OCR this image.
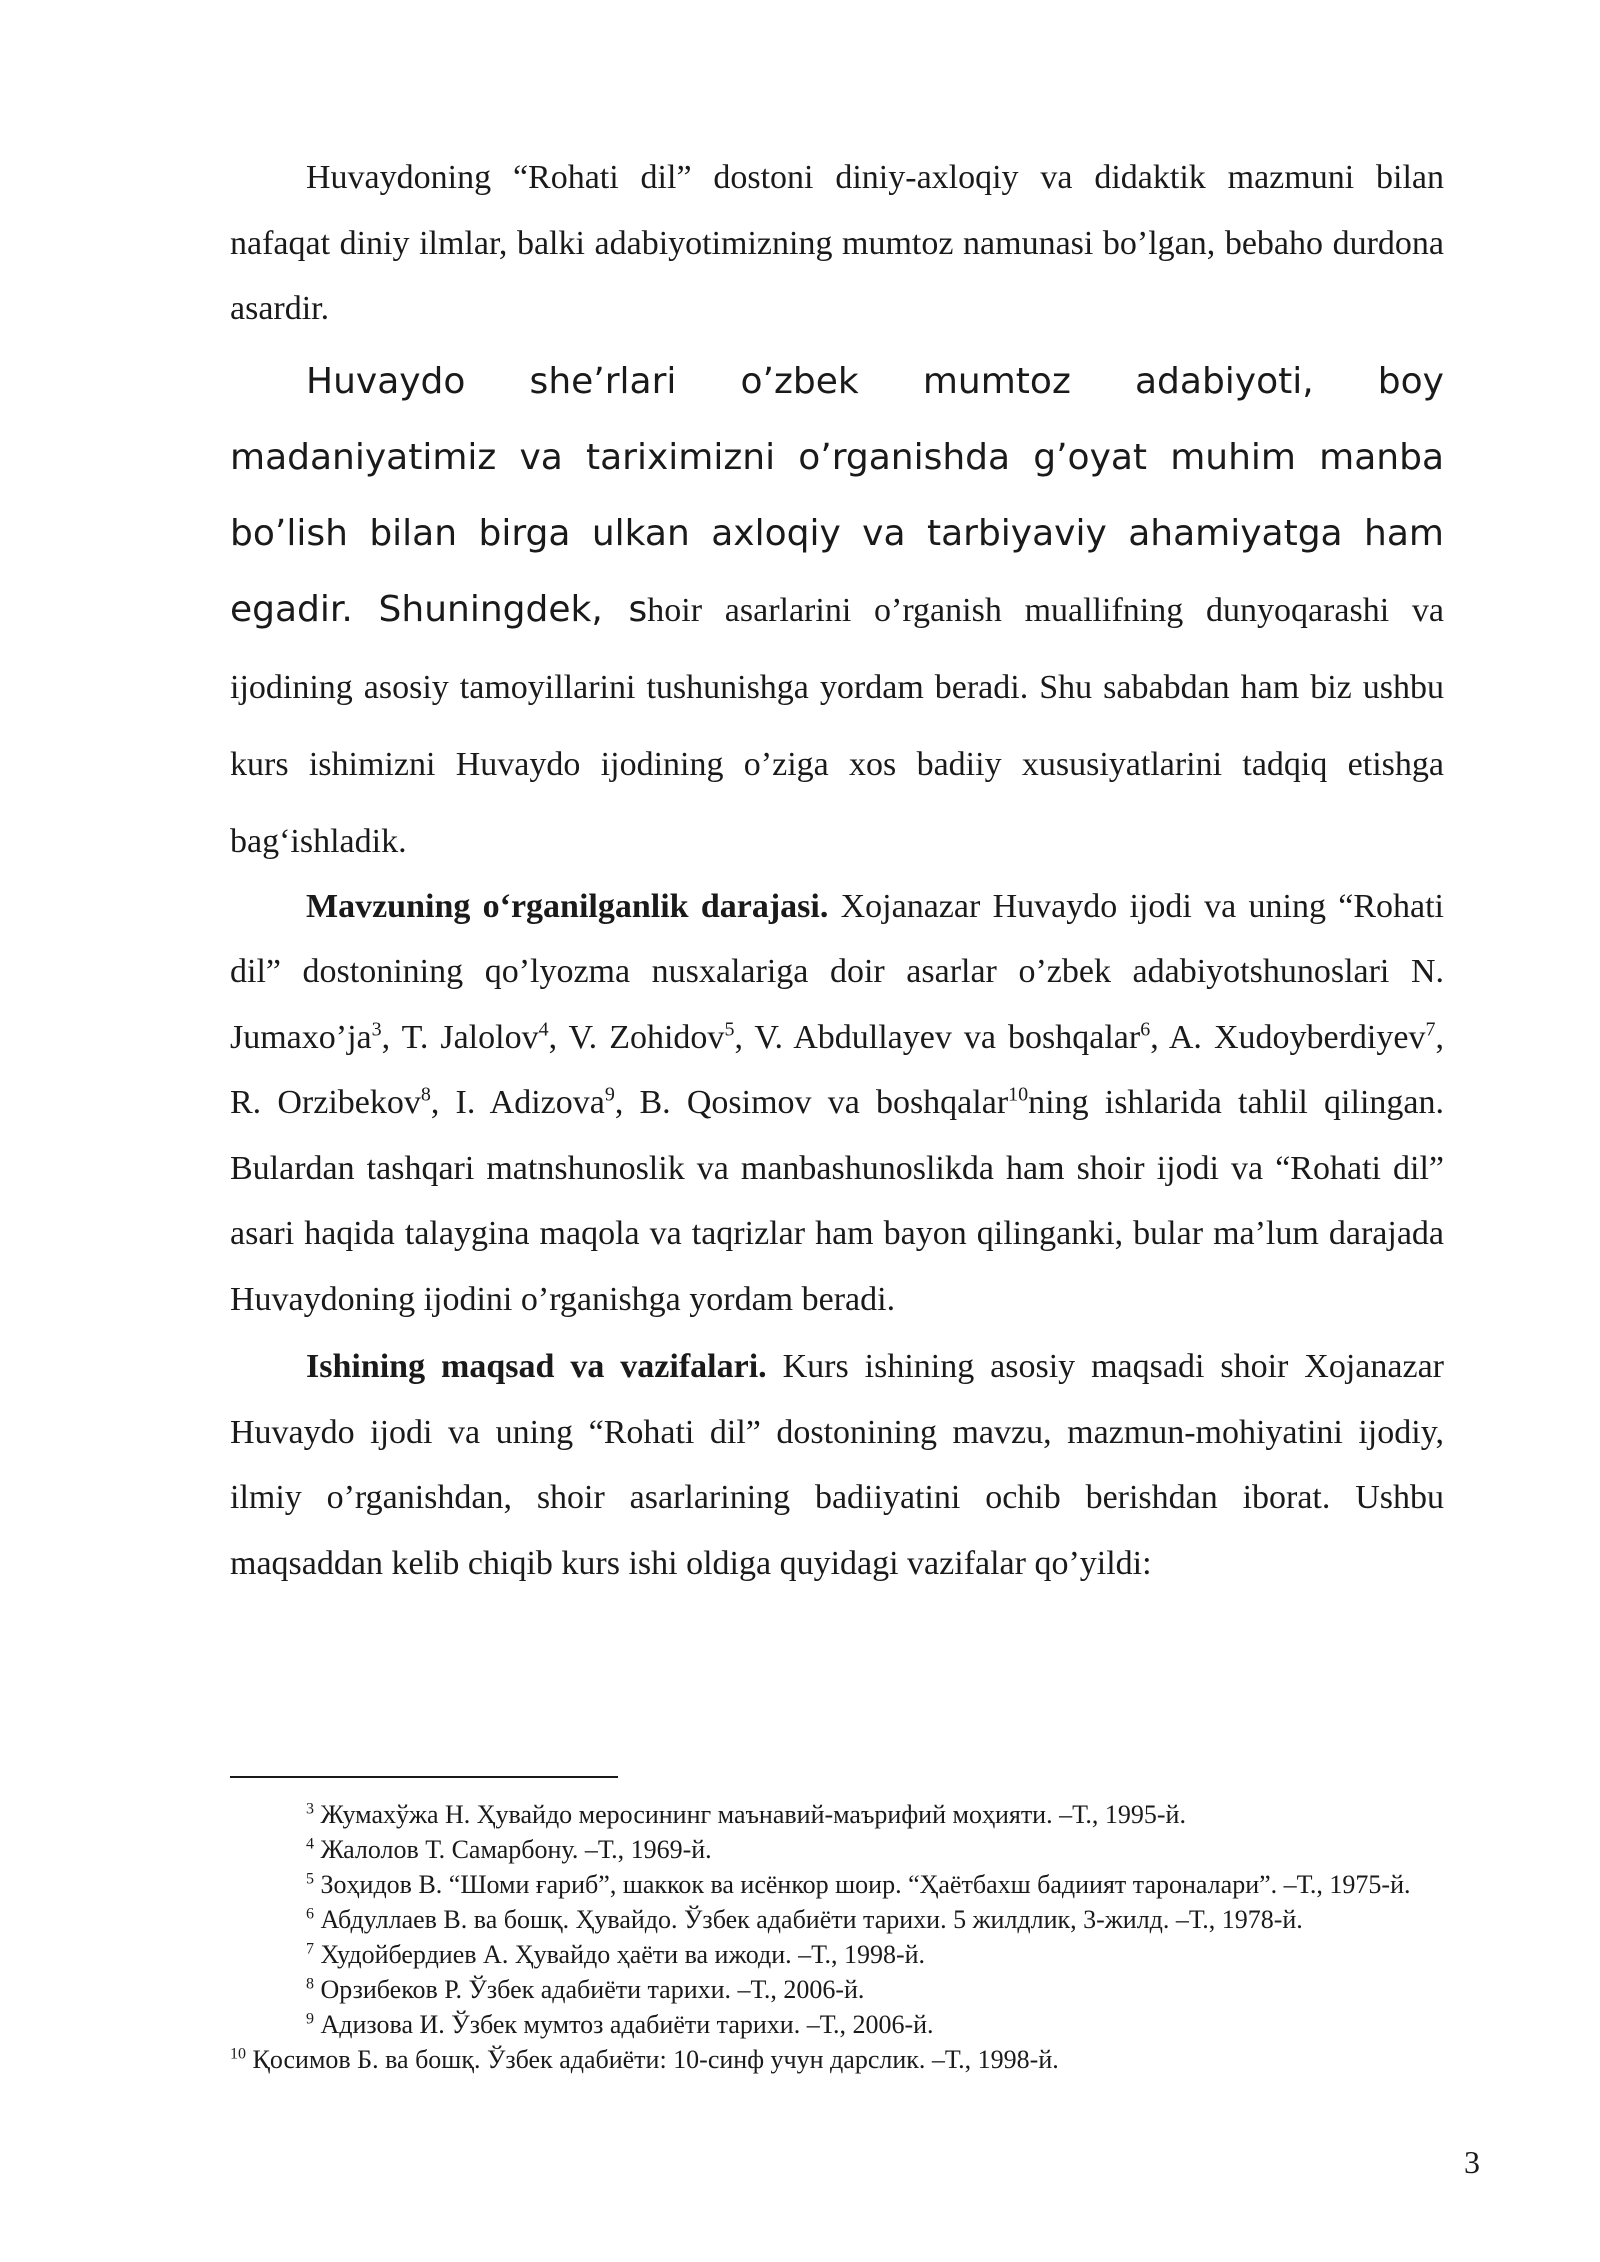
Huvaydoning “Rohati dil” dostoni diniy-axloqiy va didaktik mazmuni bilan nafaqat diniy ilmlar, balki adabiyotimizning mumtoz namunasi bo’lgan, bebaho durdona asardir.

Huvaydo she’rlari o’zbek mumtoz adabiyoti, boy madaniyatimiz va tariximizni o’rganishda g’oyat muhim manba bo’lish bilan birga ulkan axloqiy va tarbiyaviy ahamiyatga ham egadir. Shuningdek, shoir asarlarini o’rganish muallifning dunyoqarashi va ijodining asosiy tamoyillarini tushunishga yordam beradi. Shu sababdan ham biz ushbu kurs ishimizni Huvaydo ijodining o’ziga xos badiiy xususiyatlarini tadqiq etishga bag‘ishladik.

Mavzuning o‘rganilganlik darajasi. Xojanazar Huvaydo ijodi va uning “Rohati dil” dostonining qo’lyozma nusxalariga doir asarlar o’zbek adabiyotshunoslari N. $Jumaxo’ja^3$, T. Jalolov$^4$, V. Zohidov$^5$, V. Abdullayev va boshqalar$^6$, A. Xudoyberdiyev$^7$, R. Orzibekov$^8$, I. Adizova$^9$, B. Qosimov va boshqalar$^{10}$ning ishlarida tahlil qilingan. Bulardan tashqari matnshunoslik va manbashunoslikda ham shoir ijodi va “Rohati dil” asari haqida talaygina maqola va taqrizlar ham bayon qilinganki, bular ma’lum darajada Huvaydoning ijodini o’rganishga yordam beradi.

Ishining maqsad va vazifalari. Kurs ishining asosiy maqsadi shoir Xojanazar Huvaydo ijodi va uning “Rohati dil” dostonining mavzu, mazmun-mohiyatini ijodiy, ilmiy o’rganishdan, shoir asarlarining badiiyatini ochib berishdan iborat. Ushbu maqsaddan kelib chiqib kurs ishi oldiga quyidagi vazifalar qo’yildi:

$^3$ Жумахўжа Н. Ҳувайдо меросининг маънавий-маърифий моҳияти. –Т., 1995-й.

$^4$ Жалолов Т. Самарбону. –Т., 1969-й.

$^5$ Зоҳидов В. “Шоми ғариб”, шаккок ва исёнкор шоир. “Ҳаётбахш бадиият тароналари”. –Т., 1975-й.

$^6$ Абдуллаев В. ва бошқ. Ҳувайдо. Ўзбек адабиёти тарихи. 5 жилдлик, 3-жилд. –Т., 1978-й.

$^7$ Худойбердиев А. Ҳувайдо ҳаёти ва ижоди. –Т., 1998-й.

$^8$ Орзибеков Р. Ўзбек адабиёти тарихи. –Т., 2006-й.

$^9$ Адизова И. Ўзбек мумтоз адабиёти тарихи. –Т., 2006-й.

$^{10}$ Қосимов Б. ва бошқ. Ўзбек адабиёти: 10-синф учун дарслик. –Т., 1998-й.

3
